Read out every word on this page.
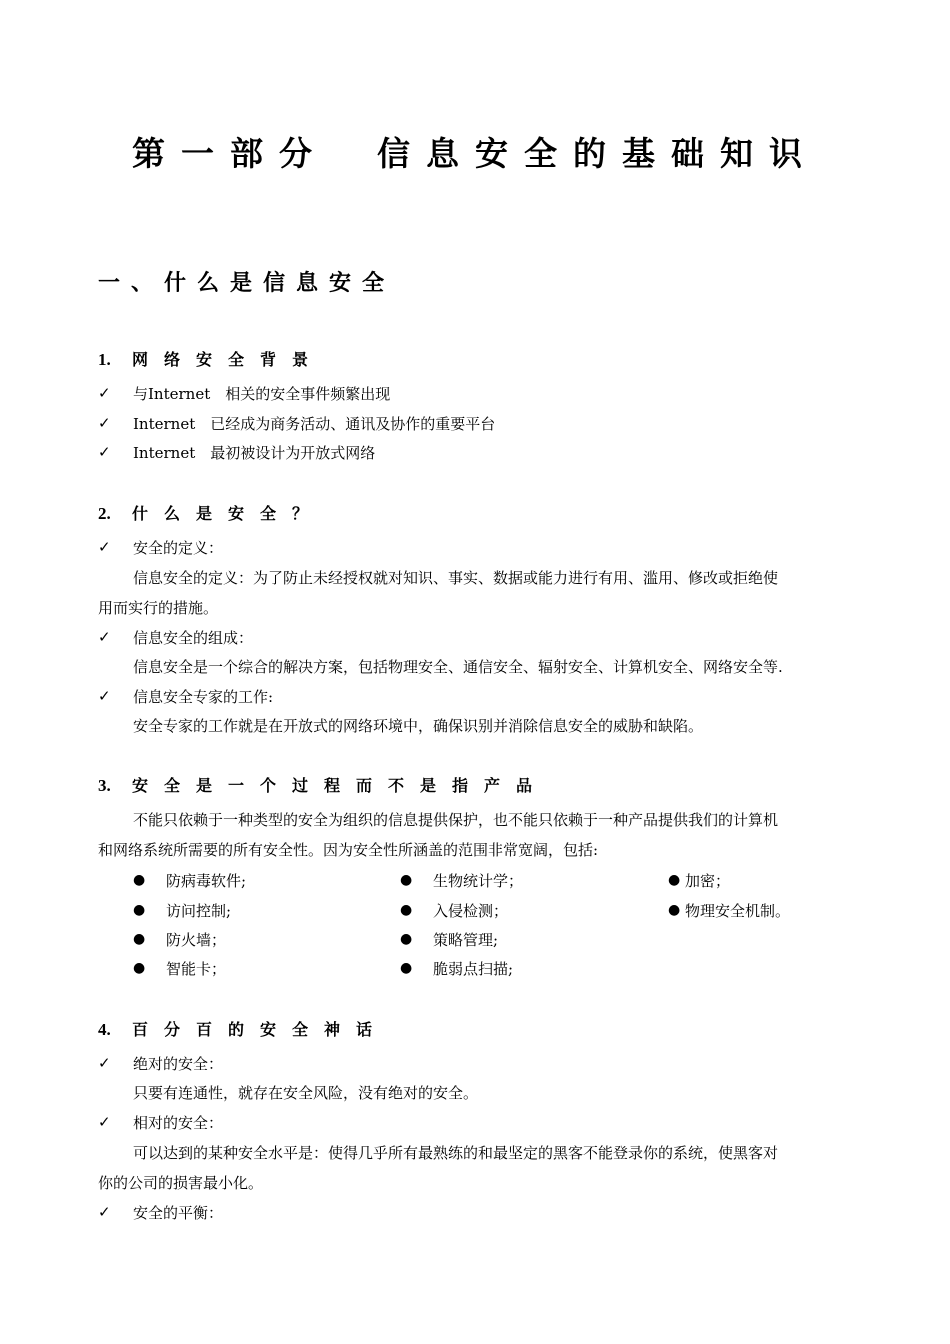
第一部分　信息安全的基础知识
一、什么是信息安全
1. 网络安全背景
✓ 与Internet　相关的安全事件频繁出现
✓ Internet　已经成为商务活动、通讯及协作的重要平台
✓ Internet　最初被设计为开放式网络
2. 什么是安全？
✓ 安全的定义：
信息安全的定义：为了防止未经授权就对知识、事实、数据或能力进行有用、滥用、修改或拒绝使
用而实行的措施。
✓ 信息安全的组成：
信息安全是一个综合的解决方案，包括物理安全、通信安全、辐射安全、计算机安全、网络安全等.
✓ 信息安全专家的工作:
安全专家的工作就是在开放式的网络环境中，确保识别并消除信息安全的威胁和缺陷。
3. 安全是一个过程而不是指产品
不能只依赖于一种类型的安全为组织的信息提供保护，也不能只依赖于一种产品提供我们的计算机
和网络系统所需要的所有安全性。因为安全性所涵盖的范围非常宽阔，包括:
● 防病毒软件;
● 访问控制;
● 防火墙；
● 智能卡；
● 生物统计学；
● 入侵检测；
● 策略管理;
● 脆弱点扫描;
● 加密；
● 物理安全机制。
4. 百分百的安全神话
✓ 绝对的安全：
只要有连通性，就存在安全风险，没有绝对的安全。
✓ 相对的安全：
可以达到的某种安全水平是：使得几乎所有最熟练的和最坚定的黑客不能登录你的系统，使黑客对
你的公司的损害最小化。
✓ 安全的平衡：
